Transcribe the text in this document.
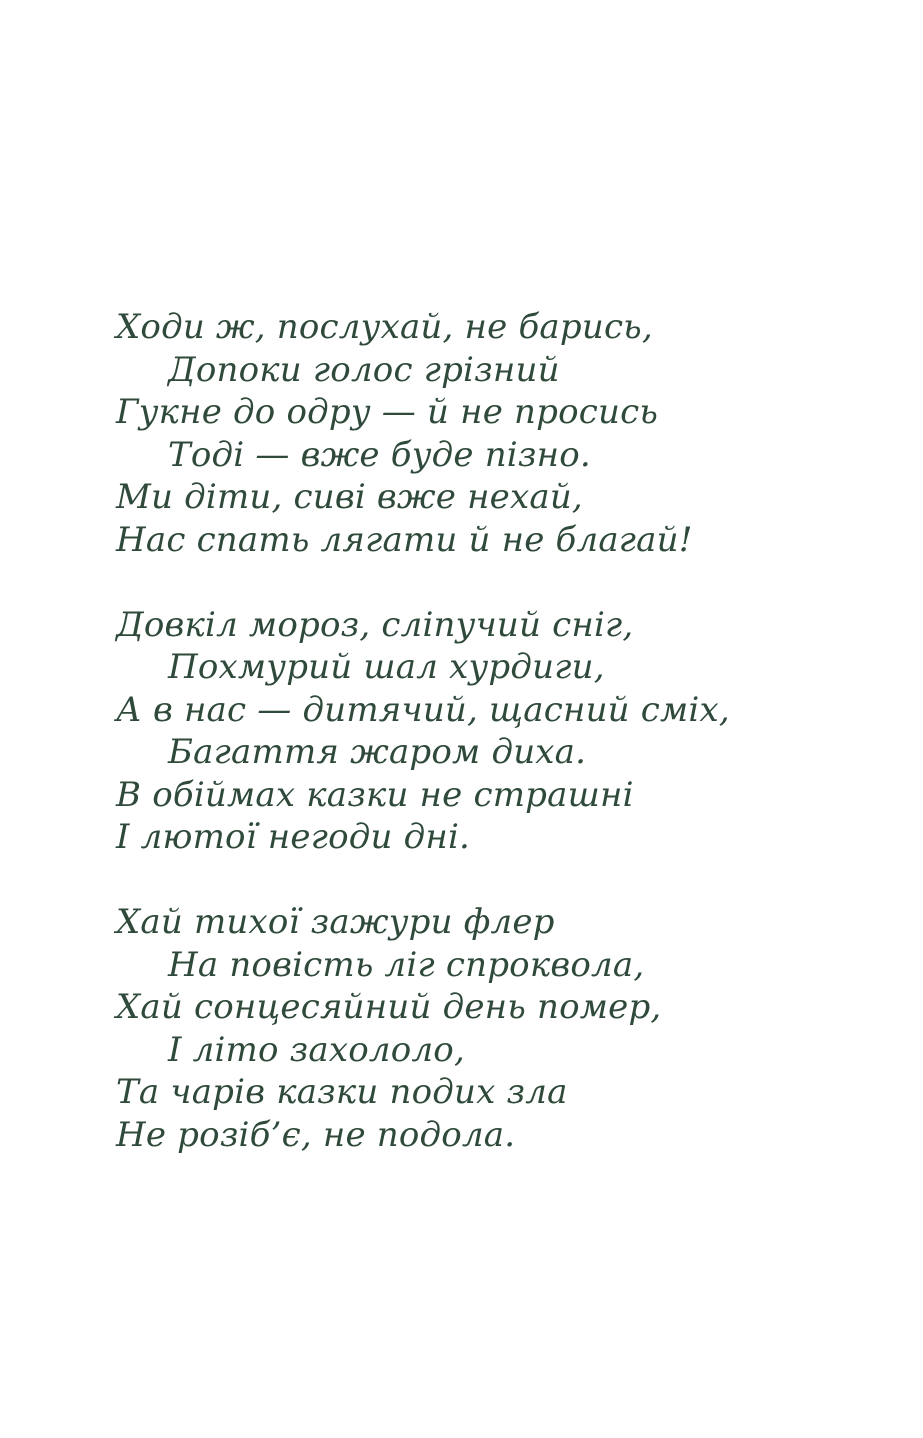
Ходи ж, послухай, не барись,
Допоки голос грізний
Гукне до одру — й не просись
Тоді — вже буде пізно.
Ми діти, сиві вже нехай,
Нас спать лягати й не благай!
Довкіл мороз, сліпучий сніг,
Похмурий шал хурдиги,
А в нас — дитячий, щасний сміх,
Багаття жаром диха.
В обіймах казки не страшні
І лютої негоди дні.
Хай тихої зажури флер
На повість ліг спроквола,
Хай сонцесяйний день помер,
І літо захололо,
Та чарів казки подих зла
Не розіб’є, не подола.
